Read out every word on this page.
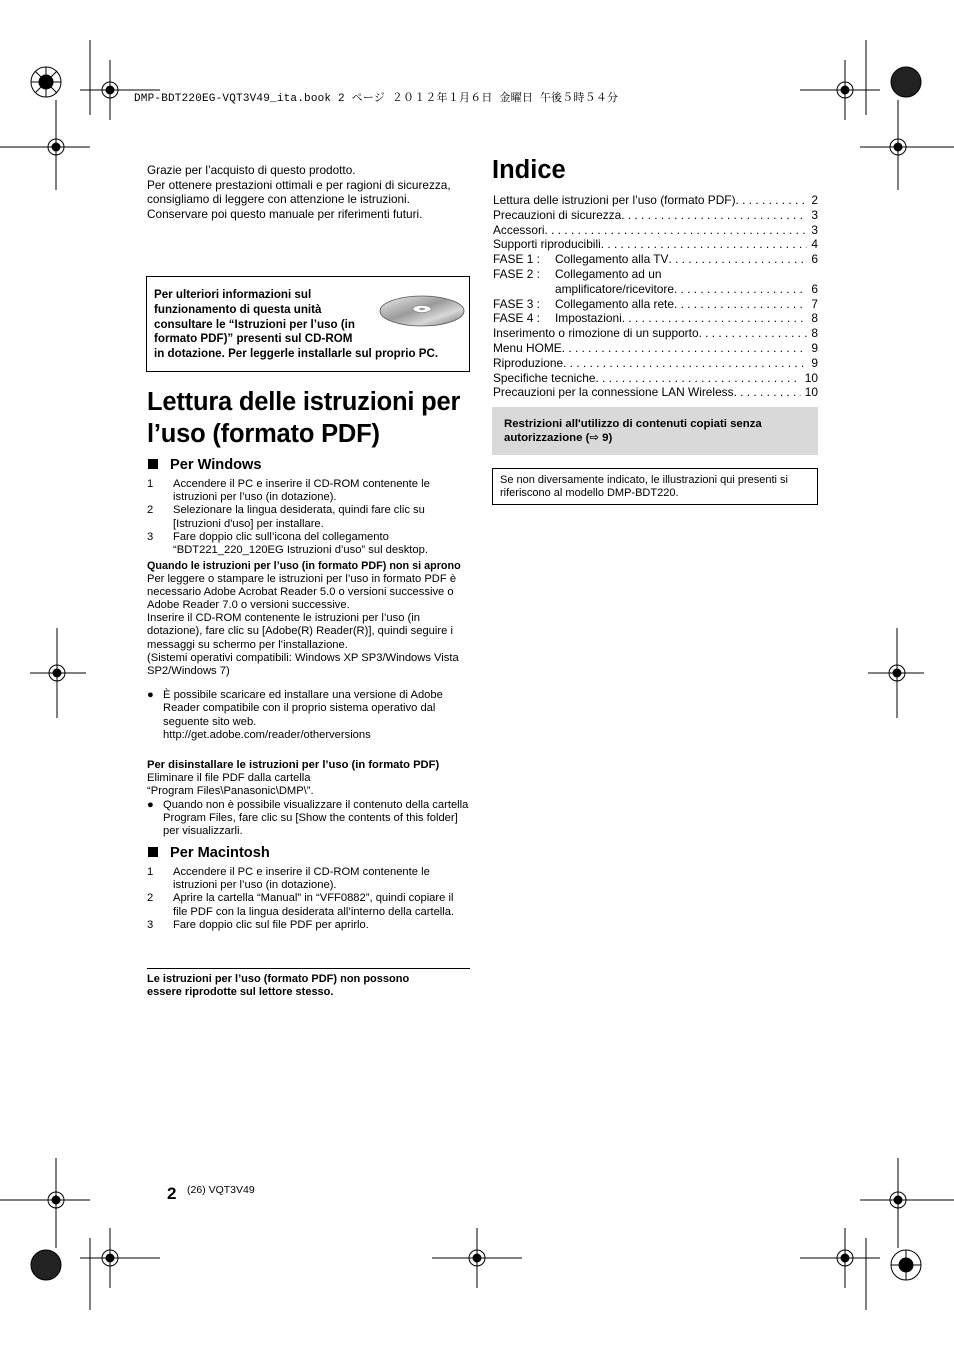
DMP-BDT220EG-VQT3V49_ita.book 2 ページ ２０１２年１月６日 金曜日 午後５時５４分

Grazie per l’acquisto di questo prodotto.

Per ottenere prestazioni ottimali e per ragioni di sicurezza, consigliamo di leggere con attenzione le istruzioni.

Conservare poi questo manuale per riferimenti futuri.

Per ulteriori informazioni sul funzionamento di questa unità consultare le “Istruzioni per l’uso (in formato PDF)” presenti sul CD-ROM
in dotazione. Per leggerle installarle sul proprio PC.
Lettura delle istruzioni per l’uso (formato PDF)
Per Windows
1 Accendere il PC e inserire il CD-ROM contenente le istruzioni per l’uso (in dotazione).
2 Selezionare la lingua desiderata, quindi fare clic su [Istruzioni d'uso] per installare.
3 Fare doppio clic sull’icona del collegamento “BDT221_220_120EG Istruzioni d’uso” sul desktop.
Quando le istruzioni per l’uso (in formato PDF) non si aprono
Per leggere o stampare le istruzioni per l’uso in formato PDF è necessario Adobe Acrobat Reader 5.0 o versioni successive o Adobe Reader 7.0 o versioni successive.
Inserire il CD-ROM contenente le istruzioni per l’uso (in dotazione), fare clic su [Adobe(R) Reader(R)], quindi seguire i messaggi su schermo per l’installazione.
(Sistemi operativi compatibili: Windows XP SP3/Windows Vista SP2/Windows 7)
● È possibile scaricare ed installare una versione di Adobe Reader compatibile con il proprio sistema operativo dal seguente sito web.
http://get.adobe.com/reader/otherversions
Per disinstallare le istruzioni per l’uso (in formato PDF)
Eliminare il file PDF dalla cartella
“Program Files\Panasonic\DMP\”.
● Quando non è possibile visualizzare il contenuto della cartella Program Files, fare clic su [Show the contents of this folder] per visualizzarli.
Per Macintosh
1 Accendere il PC e inserire il CD-ROM contenente le istruzioni per l’uso (in dotazione).
2 Aprire la cartella “Manual” in “VFF0882”, quindi copiare il file PDF con la lingua desiderata all’interno della cartella.
3 Fare doppio clic sul file PDF per aprirlo.
Le istruzioni per l’uso (formato PDF) non possono essere riprodotte sul lettore stesso.
Indice
Lettura delle istruzioni per l’uso (formato PDF) . . .	2
Precauzioni di sicurezza . . .	3
Accessori . . .	3
Supporti riproducibili . . .	4
FASE 1 :	Collegamento alla TV . . .	6
FASE 2 :	Collegamento ad un
amplificatore/ricevitore . . .	6
FASE 3 :	Collegamento alla rete . . .	7
FASE 4 :	Impostazioni . . .	8
Inserimento o rimozione di un supporto . . .	8
Menu HOME . . .	9
Riproduzione . . .	9
Specifiche tecniche . . .	10
Precauzioni per la connessione LAN Wireless . . .	10
Restrizioni all'utilizzo di contenuti copiati senza autorizzazione (⇨ 9)
Se non diversamente indicato, le illustrazioni qui presenti si riferiscono al modello DMP-BDT220.
2 (26) VQT3V49
